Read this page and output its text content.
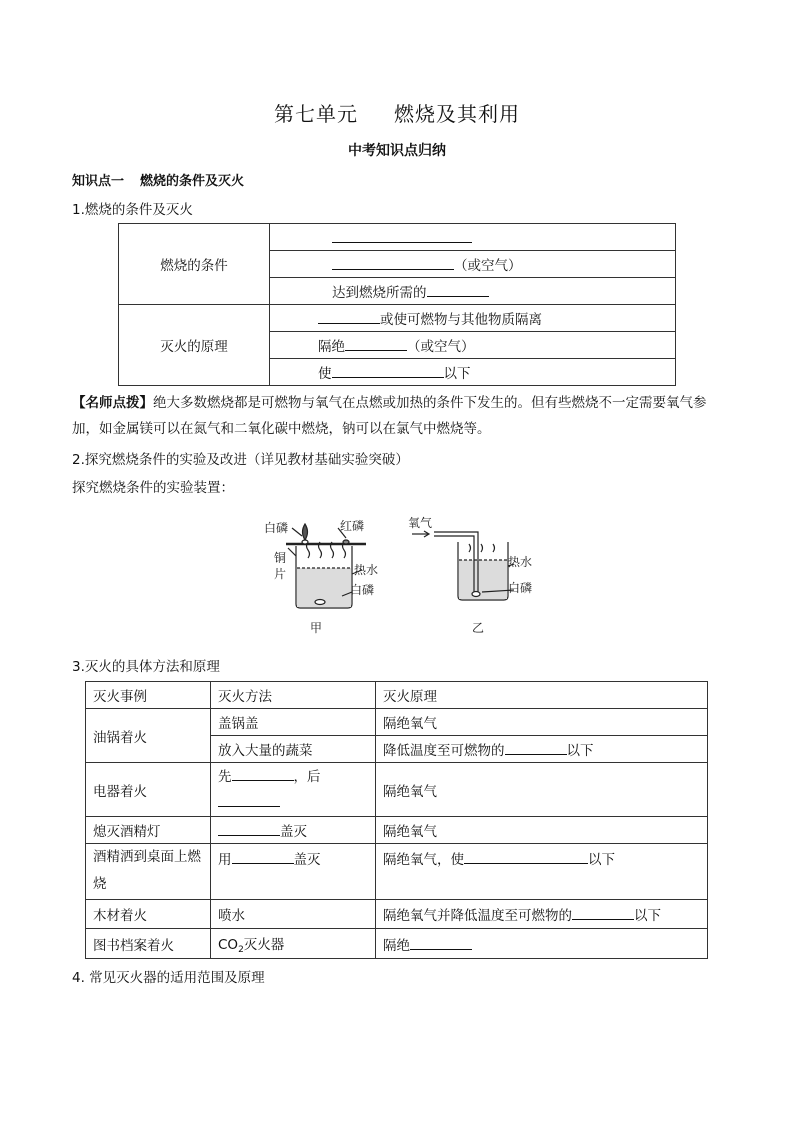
第七单元 燃烧及其利用
中考知识点归纳
知识点一 燃烧的条件及灭火
1.燃烧的条件及灭火
燃烧的条件	
	（或空气）
	达到燃烧所需的
灭火的原理	或使可燃物与其他物质隔离
	隔绝 （或空气）
	使 以下
【名师点拨】绝大多数燃烧都是可燃物与氧气在点燃或加热的条件下发生的。但有些燃烧不一定需要氧气参加，如金属镁可以在氮气和二氧化碳中燃烧，钠可以在氯气中燃烧等。
2.探究燃烧条件的实验及改进（详见教材基础实验突破）
探究燃烧条件的实验装置：
白磷	红磷
铜
片	热水
白磷
甲
氧气
热水
白磷
乙
3.灭火的具体方法和原理
灭火事例	灭火方法	灭火原理
油锅着火	盖锅盖	隔绝氧气
	放入大量的蔬菜	降低温度至可燃物的 以下
电器着火	先 ，后	隔绝氧气
熄灭酒精灯	盖灭	隔绝氧气
酒精洒到桌面上燃烧	用 盖灭	隔绝氧气，使 以下
木材着火	喷水	隔绝氧气并降低温度至可燃物的 以下
图书档案着火	$CO_2$灭火器	隔绝
4. 常见灭火器的适用范围及原理
